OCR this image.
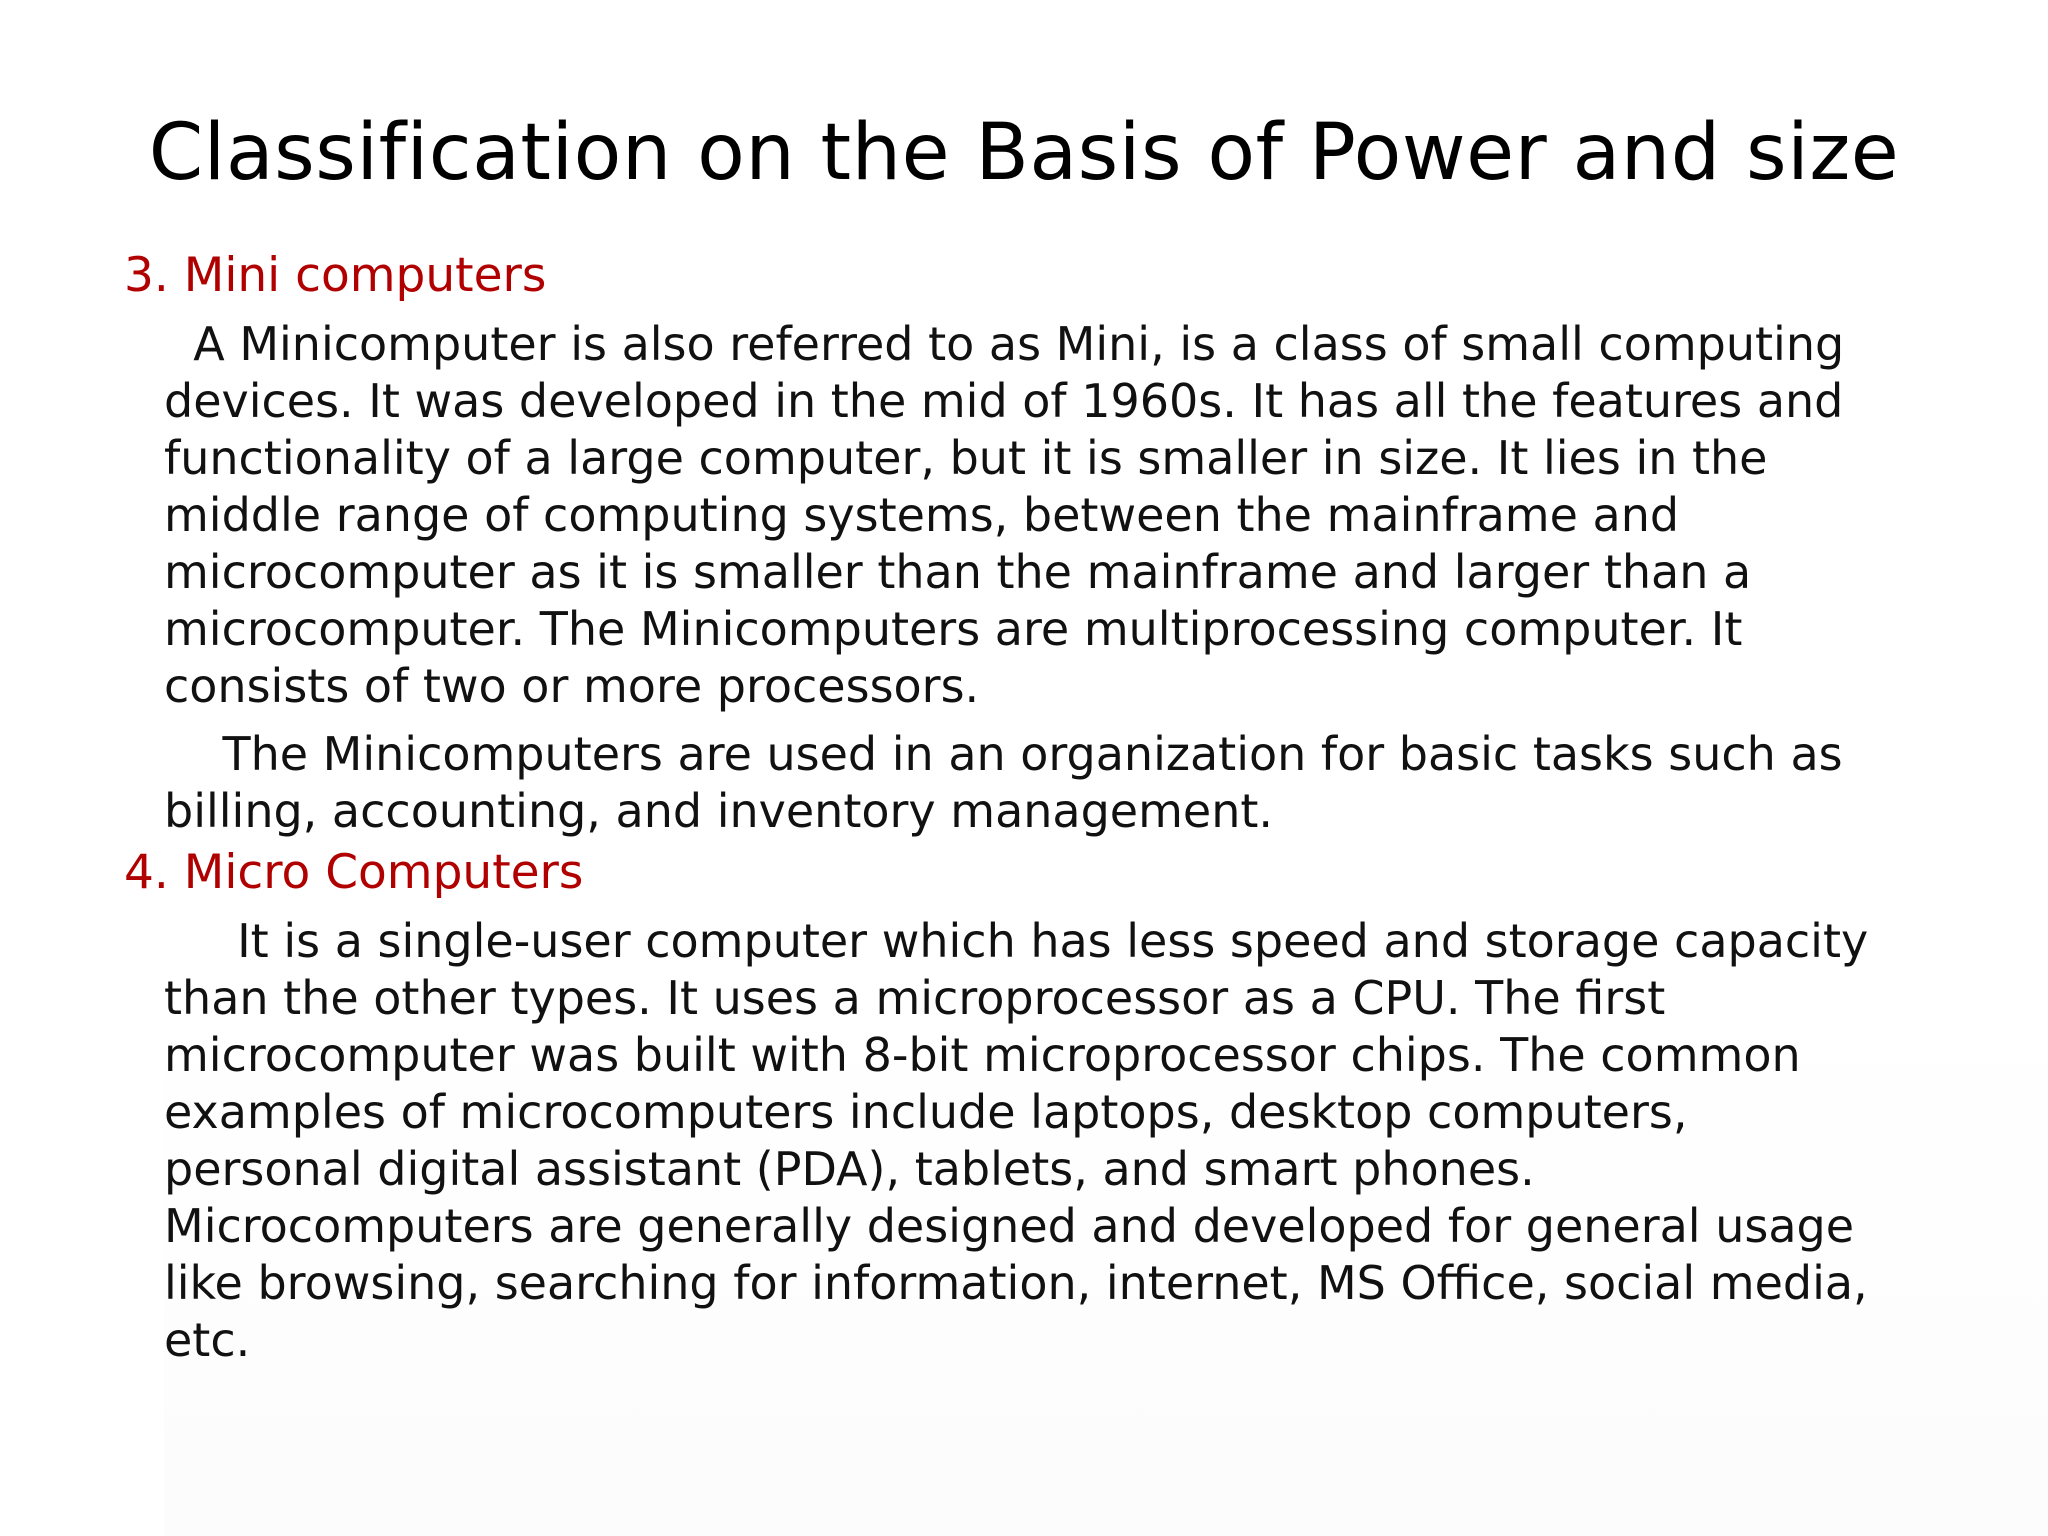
Classification on the Basis of Power and size
3. Mini computers
A Minicomputer is also referred to as Mini, is a class of small computing
devices. It was developed in the mid of 1960s. It has all the features and
functionality of a large computer, but it is smaller in size. It lies in the
middle range of computing systems, between the mainframe and
microcomputer as it is smaller than the mainframe and larger than a
microcomputer. The Minicomputers are multiprocessing computer. It
consists of two or more processors.
The Minicomputers are used in an organization for basic tasks such as
billing, accounting, and inventory management.
4. Micro Computers
It is a single-user computer which has less speed and storage capacity
than the other types. It uses a microprocessor as a CPU. The first
microcomputer was built with 8-bit microprocessor chips. The common
examples of microcomputers include laptops, desktop computers,
personal digital assistant (PDA), tablets, and smart phones.
Microcomputers are generally designed and developed for general usage
like browsing, searching for information, internet, MS Office, social media,
etc.
